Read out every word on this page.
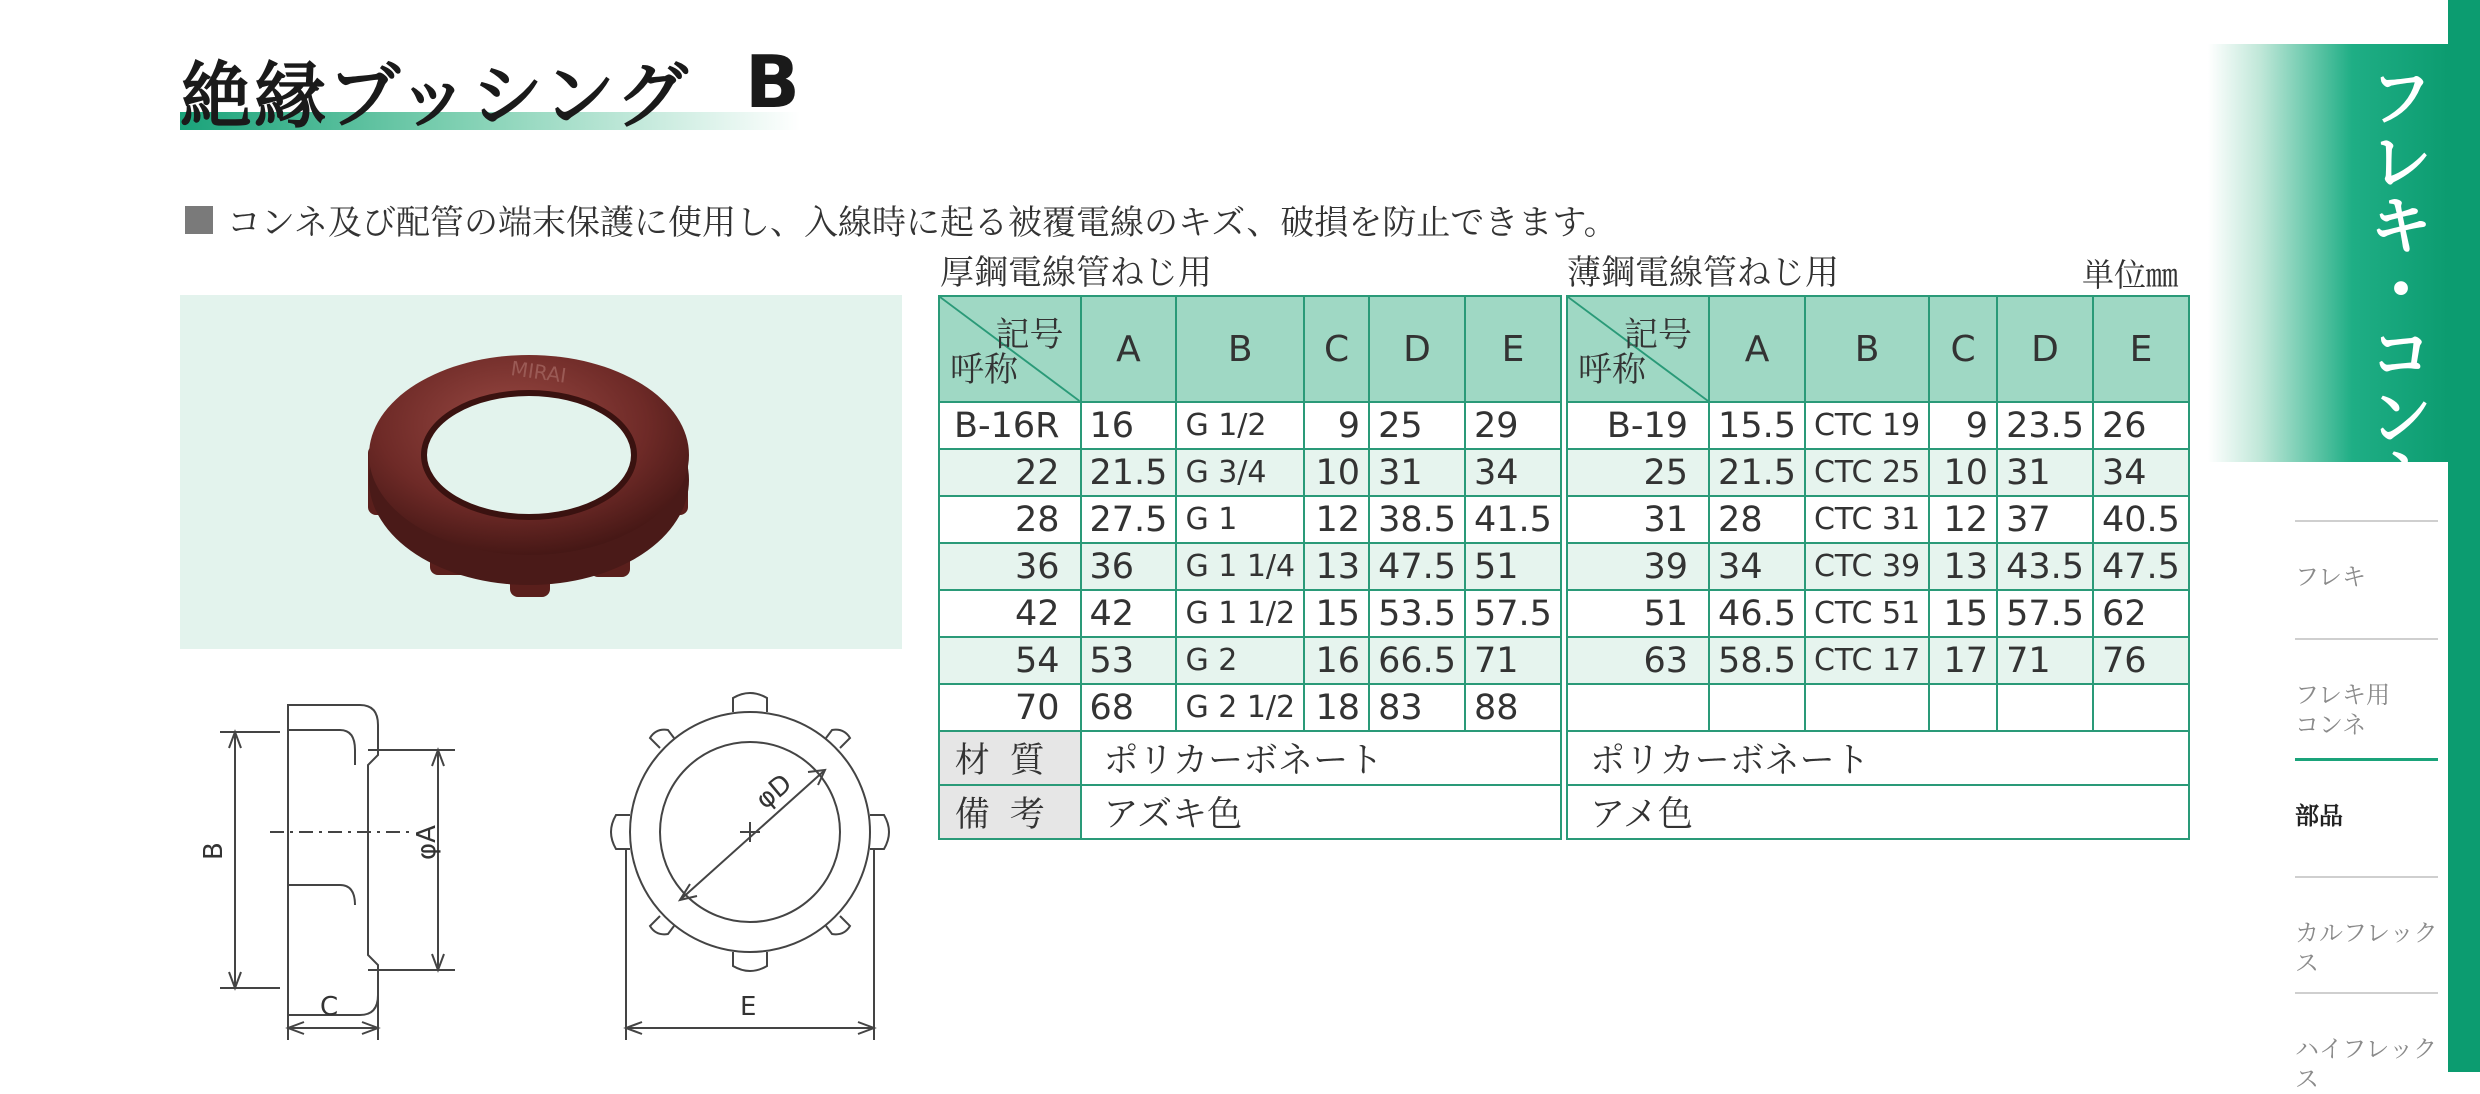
絶縁ブッシング B
コンネ及び配管の端末保護に使用し、入線時に起る被覆電線のキズ、破損を防止できます。
MIRAI
B	φA
C
φD
E
厚鋼電線管ねじ用	薄鋼電線管ねじ用	単位㎜
記号
呼称	A	B	C	D	E
B-16R	16	G 1/2	9	25	29
22	21.5	G 3/4	10	31	34
28	27.5	G 1	12	38.5	41.5
36	36	G 1 1/4	13	47.5	51
42	42	G 1 1/2	15	53.5	57.5
54	53	G 2	16	66.5	71
70	68	G 2 1/2	18	83	88
材質	ポリカーボネート				
備考	アズキ色				
記号
呼称	A	B	C	D	E
B-19	15.5	CTC 19	9	23.5	26
25	21.5	CTC 25	10	31	34
31	28	CTC 31	12	37	40.5
39	34	CTC 39	13	43.5	47.5
51	46.5	CTC 51	15	57.5	62
63	58.5	CTC 17	17	71	76

ポリカーボネート					
アメ色					
フレキ・コンネ
フレキ
フレキ用
コンネ
部品
カルフレックス
ハイフレックス
